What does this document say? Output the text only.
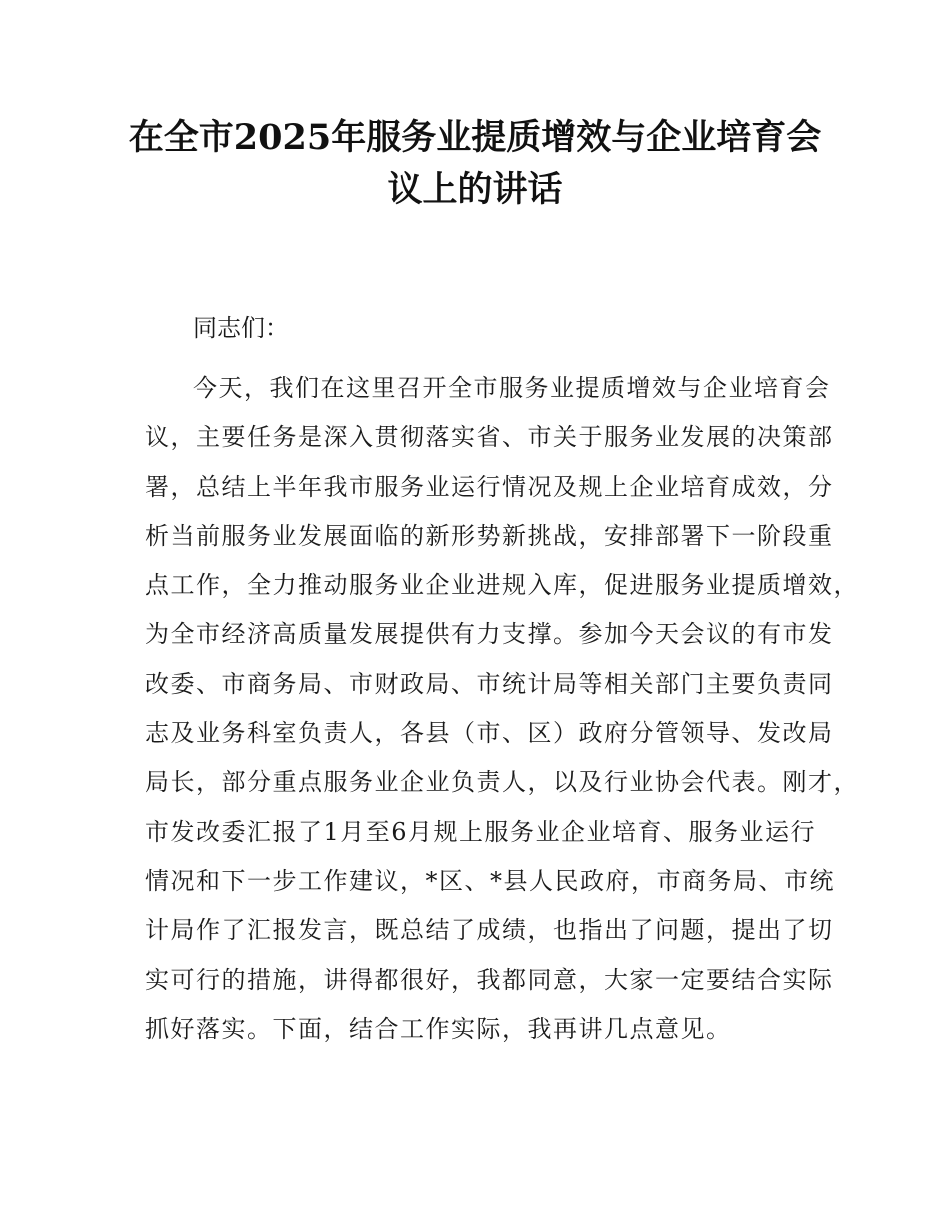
在全市2025年服务业提质增效与企业培育会
议上的讲话

同志们：

今天，我们在这里召开全市服务业提质增效与企业培育会
议，主要任务是深入贯彻落实省、市关于服务业发展的决策部
署，总结上半年我市服务业运行情况及规上企业培育成效，分
析当前服务业发展面临的新形势新挑战，安排部署下一阶段重
点工作，全力推动服务业企业进规入库，促进服务业提质增效，
为全市经济高质量发展提供有力支撑。参加今天会议的有市发
改委、市商务局、市财政局、市统计局等相关部门主要负责同
志及业务科室负责人，各县（市、区）政府分管领导、发改局
局长，部分重点服务业企业负责人，以及行业协会代表。刚才，
市发改委汇报了1月至6月规上服务业企业培育、服务业运行
情况和下一步工作建议，*区、*县人民政府，市商务局、市统
计局作了汇报发言，既总结了成绩，也指出了问题，提出了切
实可行的措施，讲得都很好，我都同意，大家一定要结合实际
抓好落实。下面，结合工作实际，我再讲几点意见。
